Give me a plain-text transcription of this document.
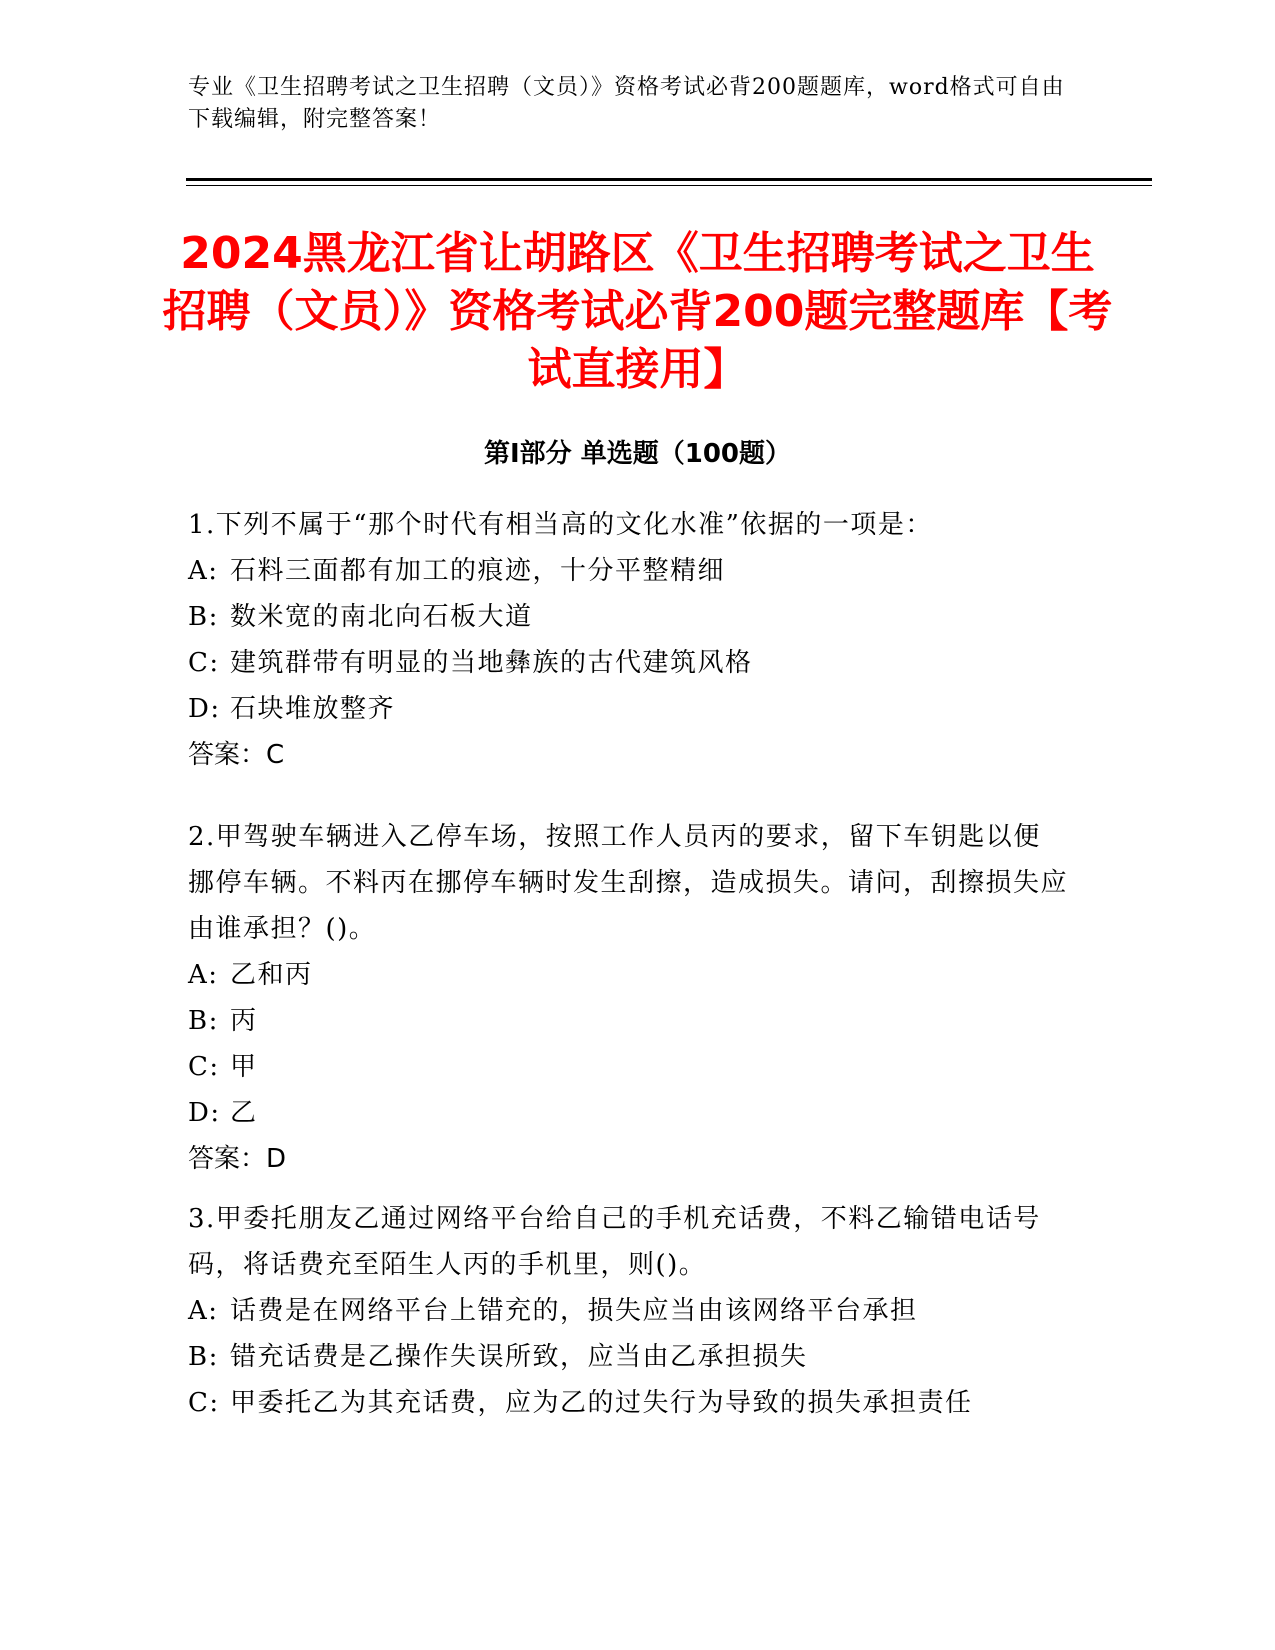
专业《卫生招聘考试之卫生招聘（文员）》资格考试必背200题题库，word格式可自由下载编辑，附完整答案！
2024黑龙江省让胡路区《卫生招聘考试之卫生招聘（文员）》资格考试必背200题完整题库【考试直接用】
第Ⅰ部分 单选题（100题）
1.下列不属于“那个时代有相当高的文化水准”依据的一项是：
A: 石料三面都有加工的痕迹，十分平整精细
B: 数米宽的南北向石板大道
C: 建筑群带有明显的当地彝族的古代建筑风格
D: 石块堆放整齐
答案：C
2.甲驾驶车辆进入乙停车场，按照工作人员丙的要求，留下车钥匙以便挪停车辆。不料丙在挪停车辆时发生刮擦，造成损失。请问，刮擦损失应由谁承担？()。
A: 乙和丙
B: 丙
C: 甲
D: 乙
答案：D
3.甲委托朋友乙通过网络平台给自己的手机充话费，不料乙输错电话号码，将话费充至陌生人丙的手机里，则()。
A: 话费是在网络平台上错充的，损失应当由该网络平台承担
B: 错充话费是乙操作失误所致，应当由乙承担损失
C: 甲委托乙为其充话费，应为乙的过失行为导致的损失承担责任
